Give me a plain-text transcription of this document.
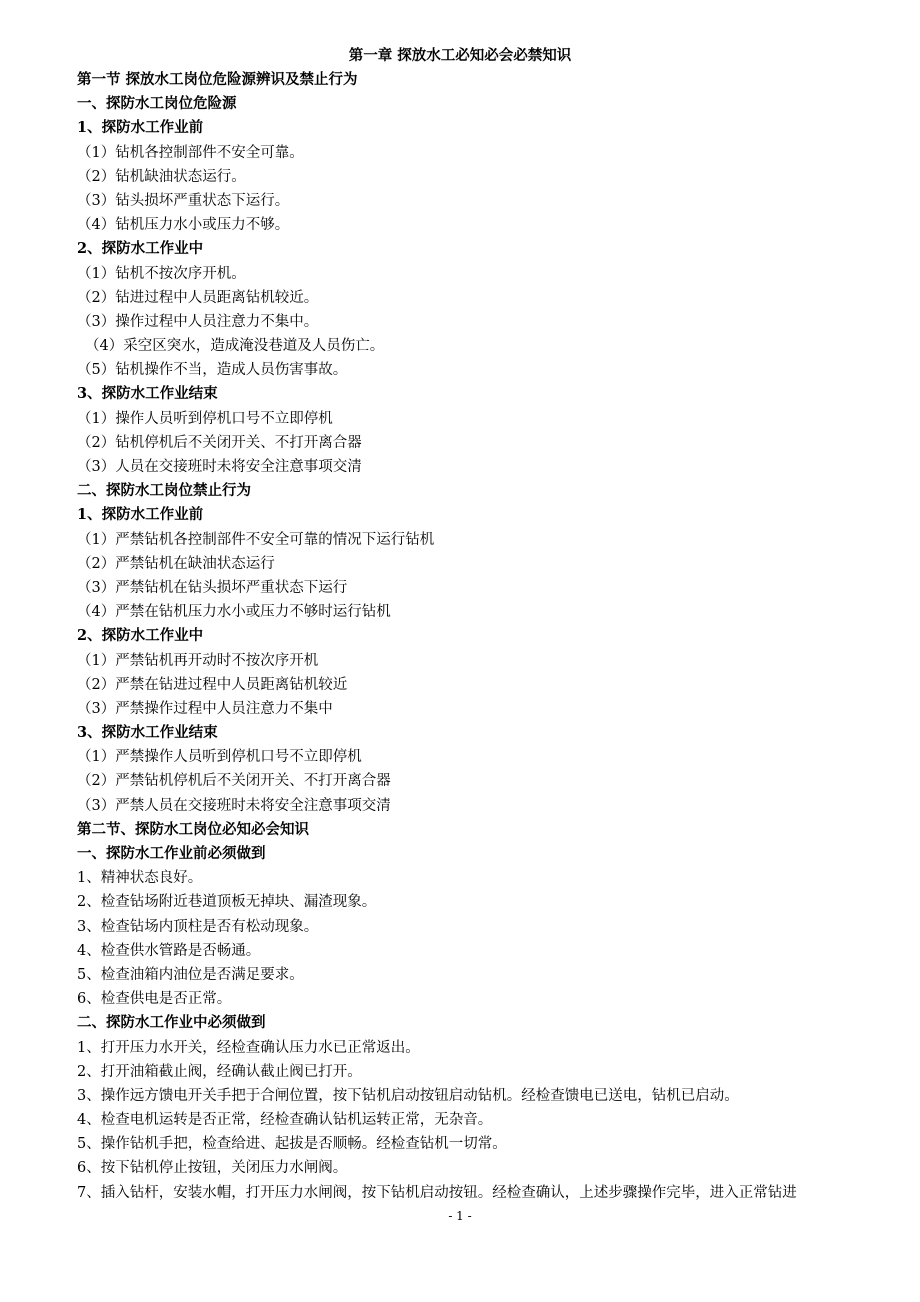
第一章 探放水工必知必会必禁知识
第一节 探放水工岗位危险源辨识及禁止行为
一、探防水工岗位危险源
1、探防水工作业前
（1）钻机各控制部件不安全可靠。
（2）钻机缺油状态运行。
（3）钻头损坏严重状态下运行。
（4）钻机压力水小或压力不够。
2、探防水工作业中
（1）钻机不按次序开机。
（2）钻进过程中人员距离钻机较近。
（3）操作过程中人员注意力不集中。
（4）采空区突水，造成淹没巷道及人员伤亡。
（5）钻机操作不当，造成人员伤害事故。
3、探防水工作业结束
（1）操作人员听到停机口号不立即停机
（2）钻机停机后不关闭开关、不打开离合器
（3）人员在交接班时未将安全注意事项交清
二、探防水工岗位禁止行为
1、探防水工作业前
（1）严禁钻机各控制部件不安全可靠的情况下运行钻机
（2）严禁钻机在缺油状态运行
（3）严禁钻机在钻头损坏严重状态下运行
（4）严禁在钻机压力水小或压力不够时运行钻机
2、探防水工作业中
（1）严禁钻机再开动时不按次序开机
（2）严禁在钻进过程中人员距离钻机较近
（3）严禁操作过程中人员注意力不集中
3、探防水工作业结束
（1）严禁操作人员听到停机口号不立即停机
（2）严禁钻机停机后不关闭开关、不打开离合器
（3）严禁人员在交接班时未将安全注意事项交清
第二节、探防水工岗位必知必会知识
一、探防水工作业前必须做到
1、精神状态良好。
2、检查钻场附近巷道顶板无掉块、漏渣现象。
3、检查钻场内顶柱是否有松动现象。
4、检查供水管路是否畅通。
5、检查油箱内油位是否满足要求。
6、检查供电是否正常。
二、探防水工作业中必须做到
1、打开压力水开关，经检查确认压力水已正常返出。
2、打开油箱截止阀，经确认截止阀已打开。
3、操作远方馈电开关手把于合闸位置，按下钻机启动按钮启动钻机。经检查馈电已送电，钻机已启动。
4、检查电机运转是否正常，经检查确认钻机运转正常，无杂音。
5、操作钻机手把，检查给进、起拔是否顺畅。经检查钻机一切常。
6、按下钻机停止按钮，关闭压力水闸阀。
7、插入钻杆，安装水帽，打开压力水闸阀，按下钻机启动按钮。经检查确认，上述步骤操作完毕，进入正常钻进
- 1 -
